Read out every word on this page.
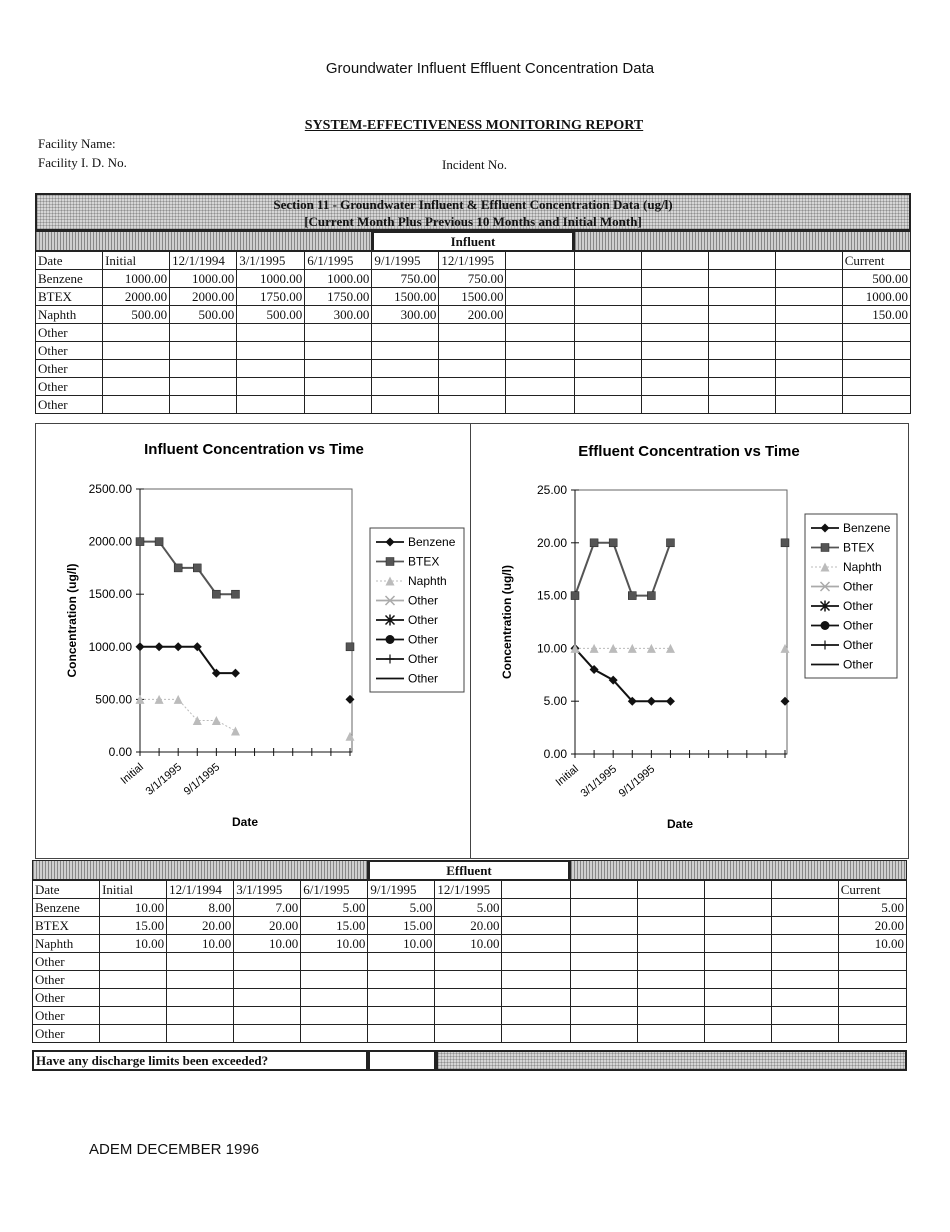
Groundwater Influent Effluent Concentration Data
SYSTEM-EFFECTIVENESS MONITORING REPORT
Facility Name:
Facility I. D. No.	Incident No.
Section 11 - Groundwater Influent & Effluent Concentration Data (ug/l)
[Current Month Plus Previous 10 Months and Initial Month]
Influent
Date	Initial	12/1/1994	3/1/1995	6/1/1995	9/1/1995	12/1/1995						Current
Benzene	1000.00	1000.00	1000.00	1000.00	750.00	750.00						500.00
BTEX	2000.00	2000.00	1750.00	1750.00	1500.00	1500.00						1000.00
Naphth	500.00	500.00	500.00	300.00	300.00	200.00						150.00
Other												
Other												
Other												
Other												
Other												
Influent Concentration vs Time
2500.00
2000.00
1500.00
1000.00
500.00
0.00
Initial
3/1/1995
9/1/1995
Date
Concentration (ug/l)
Benzene
BTEX
Naphth
Other
Other
Other
Other
Other
Effluent Concentration vs Time
25.00
20.00
15.00
10.00
5.00
0.00
Initial
3/1/1995
9/1/1995
Date
Concentration (ug/l)
Benzene
BTEX
Naphth
Other
Other
Other
Other
Other
Effluent
Date	Initial	12/1/1994	3/1/1995	6/1/1995	9/1/1995	12/1/1995						Current
Benzene	10.00	8.00	7.00	5.00	5.00	5.00						5.00
BTEX	15.00	20.00	20.00	15.00	15.00	20.00						20.00
Naphth	10.00	10.00	10.00	10.00	10.00	10.00						10.00
Other												
Other												
Other												
Other												
Other												
Have any discharge limits been exceeded?
ADEM DECEMBER 1996
